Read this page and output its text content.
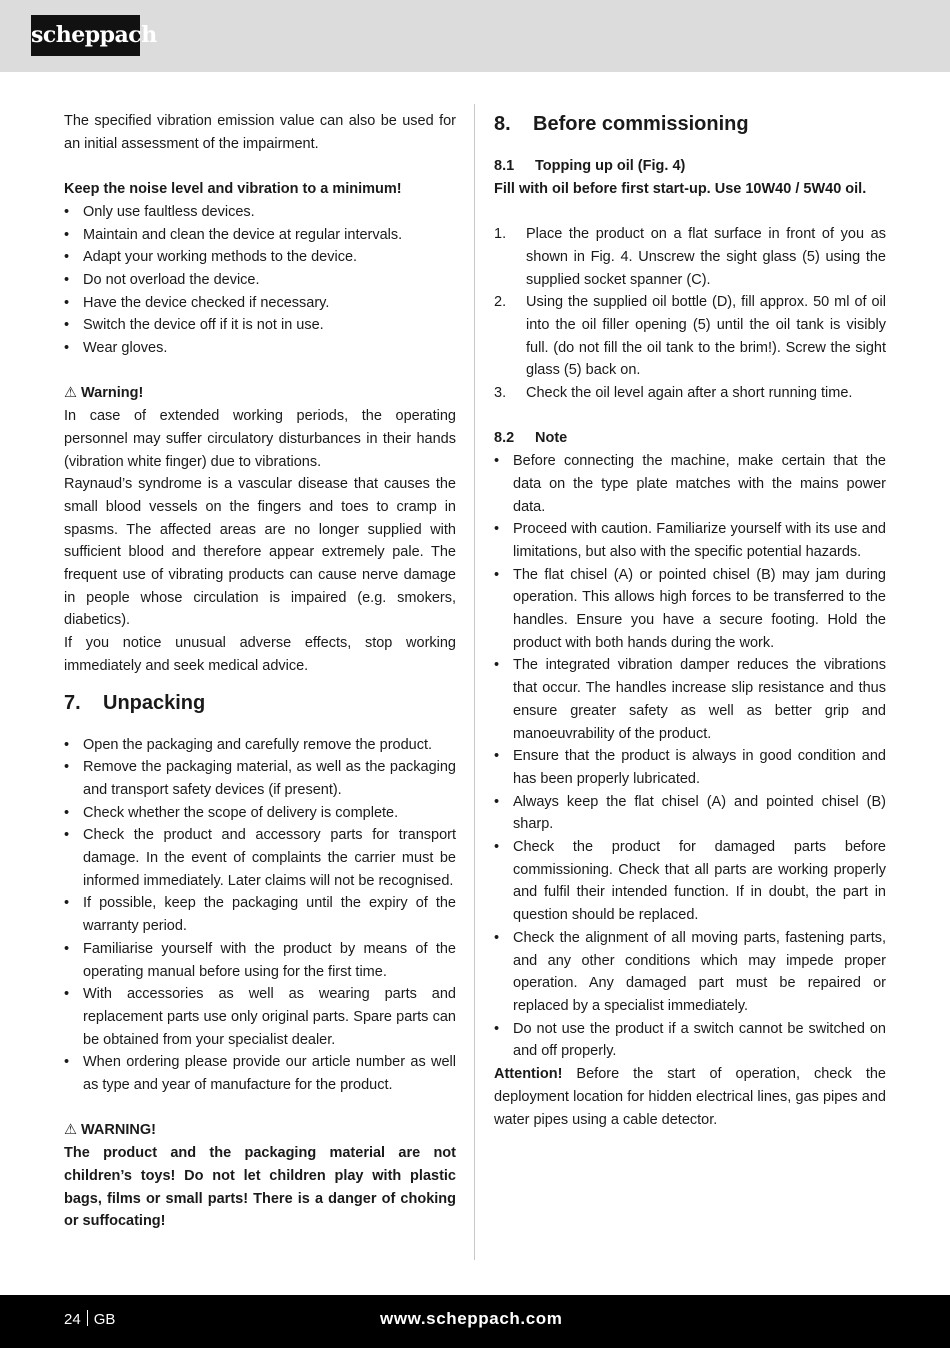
scheppach

The specified vibration emission value can also be used for an initial assessment of the impairment.

Keep the noise level and vibration to a minimum!

• Only use faultless devices.
• Maintain and clean the device at regular intervals.
• Adapt your working methods to the device.
• Do not overload the device.
• Have the device checked if necessary.
• Switch the device off if it is not in use.
• Wear gloves.

⚠ Warning!

In case of extended working periods, the operating personnel may suffer circulatory disturbances in their hands (vibration white finger) due to vibrations.

Raynaud’s syndrome is a vascular disease that causes the small blood vessels on the fingers and toes to cramp in spasms. The affected areas are no longer supplied with sufficient blood and therefore appear extremely pale. The frequent use of vibrating products can cause nerve damage in people whose circulation is impaired (e.g. smokers, diabetics).

If you notice unusual adverse effects, stop working immediately and seek medical advice.

7. Unpacking
• Open the packaging and carefully remove the product.
• Remove the packaging material, as well as the packaging and transport safety devices (if present).
• Check whether the scope of delivery is complete.
• Check the product and accessory parts for transport damage. In the event of complaints the carrier must be informed immediately. Later claims will not be recognised.
• If possible, keep the packaging until the expiry of the warranty period.
• Familiarise yourself with the product by means of the operating manual before using for the first time.
• With accessories as well as wearing parts and replacement parts use only original parts. Spare parts can be obtained from your specialist dealer.
• When ordering please provide our article number as well as type and year of manufacture for the product.

⚠ WARNING!

The product and the packaging material are not children’s toys! Do not let children play with plastic bags, films or small parts! There is a danger of choking or suffocating!

8. Before commissioning
8.1 Topping up oil (Fig. 4)

Fill with oil before first start-up. Use 10W40 / 5W40 oil.

1. Place the product on a flat surface in front of you as shown in Fig. 4. Unscrew the sight glass (5) using the supplied socket spanner (C).
2. Using the supplied oil bottle (D), fill approx. 50 ml of oil into the oil filler opening (5) until the oil tank is visibly full. (do not fill the oil tank to the brim!). Screw the sight glass (5) back on.
3. Check the oil level again after a short running time.
8.2 Note
• Before connecting the machine, make certain that the data on the type plate matches with the mains power data.
• Proceed with caution. Familiarize yourself with its use and limitations, but also with the specific potential hazards.
• The flat chisel (A) or pointed chisel (B) may jam during operation. This allows high forces to be transferred to the handles. Ensure you have a secure footing. Hold the product with both hands during the work.
• The integrated vibration damper reduces the vibrations that occur. The handles increase slip resistance and thus ensure greater safety as well as better grip and manoeuvrability of the product.
• Ensure that the product is always in good condition and has been properly lubricated.
• Always keep the flat chisel (A) and pointed chisel (B) sharp.
• Check the product for damaged parts before commissioning. Check that all parts are working properly and fulfil their intended function. If in doubt, the part in question should be replaced.
• Check the alignment of all moving parts, fastening parts, and any other conditions which may impede proper operation. Any damaged part must be repaired or replaced by a specialist immediately.
• Do not use the product if a switch cannot be switched on and off properly.

Attention! Before the start of operation, check the deployment location for hidden electrical lines, gas pipes and water pipes using a cable detector.

24 GB	www.scheppach.com
